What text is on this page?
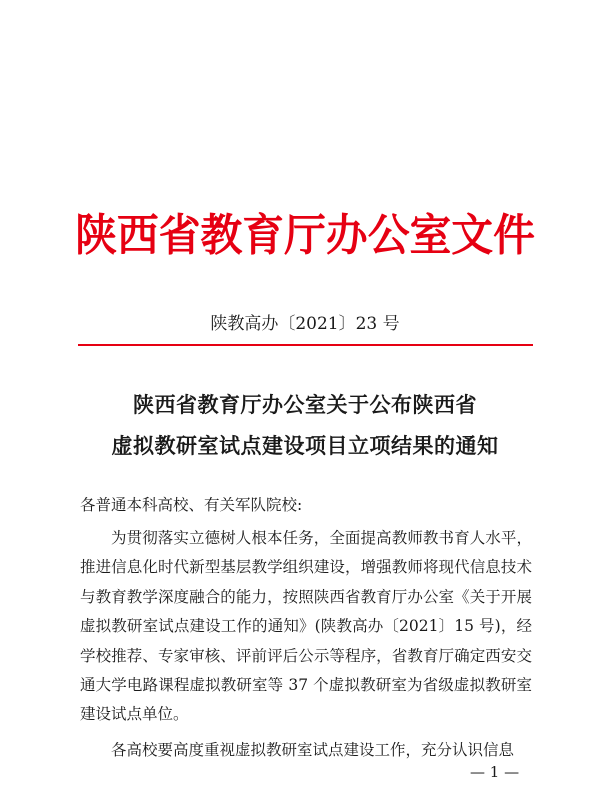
陕西省教育厅办公室文件
陕教高办〔2021〕23 号
陕西省教育厅办公室关于公布陕西省
虚拟教研室试点建设项目立项结果的通知
各普通本科高校、有关军队院校:

为贯彻落实立德树人根本任务，全面提高教师教书育人水平，推进信息化时代新型基层教学组织建设，增强教师将现代信息技术与教育教学深度融合的能力，按照陕西省教育厅办公室《关于开展虚拟教研室试点建设工作的通知》(陕教高办〔2021〕15 号)，经学校推荐、专家审核、评前评后公示等程序，省教育厅确定西安交通大学电路课程虚拟教研室等 37 个虚拟教研室为省级虚拟教研室建设试点单位。

各高校要高度重视虚拟教研室试点建设工作，充分认识信息

— 1 —
